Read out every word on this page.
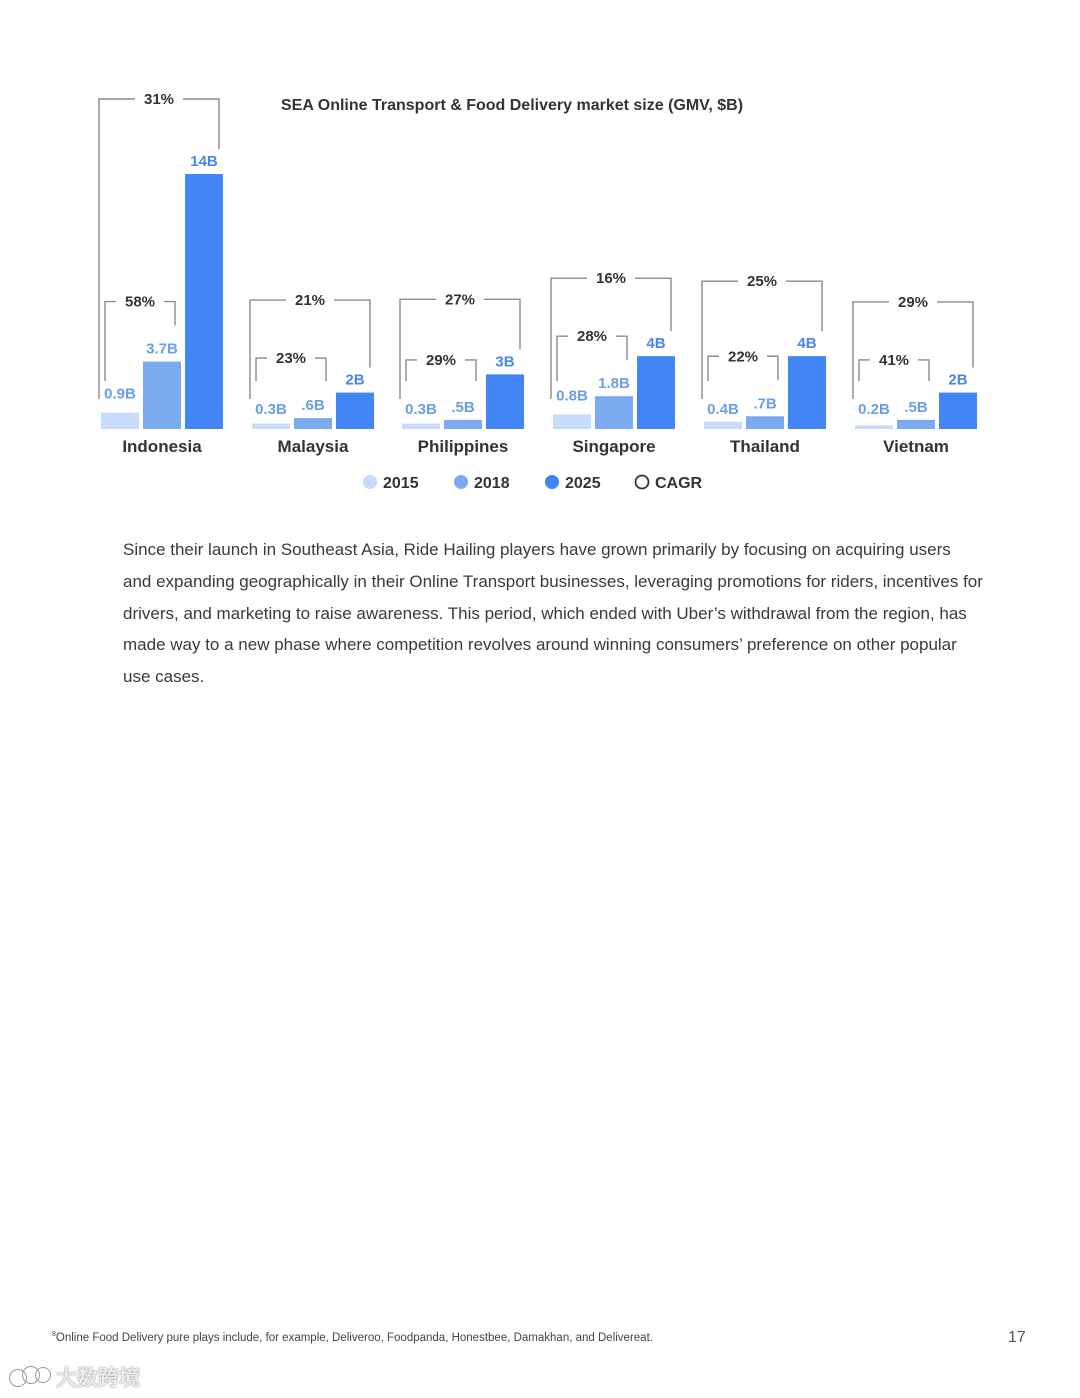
SEA Online Transport & Food Delivery market size (GMV, $B)
0.9B
3.7B
14B
Indonesia
58%
31%
0.3B .6B
2B
Malaysia
23%
21%
0.3B .5B
3B
Philippines
29%
27%
0.8B
1.8B
4B
Singapore
28%
16%
0.4B .7B
4B
Thailand
22%
25%
0.2B .5B
2B
Vietnam
41%
29%
2015	2018	2025	CAGR

Since their launch in Southeast Asia, Ride Hailing players have grown primarily by focusing on acquiring users and expanding geographically in their Online Transport businesses, leveraging promotions for riders, incentives for drivers, and marketing to raise awareness. This period, which ended with Uber’s withdrawal from the region, has made way to a new phase where competition revolves around winning consumers’ preference on other popular use cases.

$^8$Online Food Delivery pure plays include, for example, Deliveroo, Foodpanda, Honestbee, Damakhan, and Delivereat.	17
大数跨境
